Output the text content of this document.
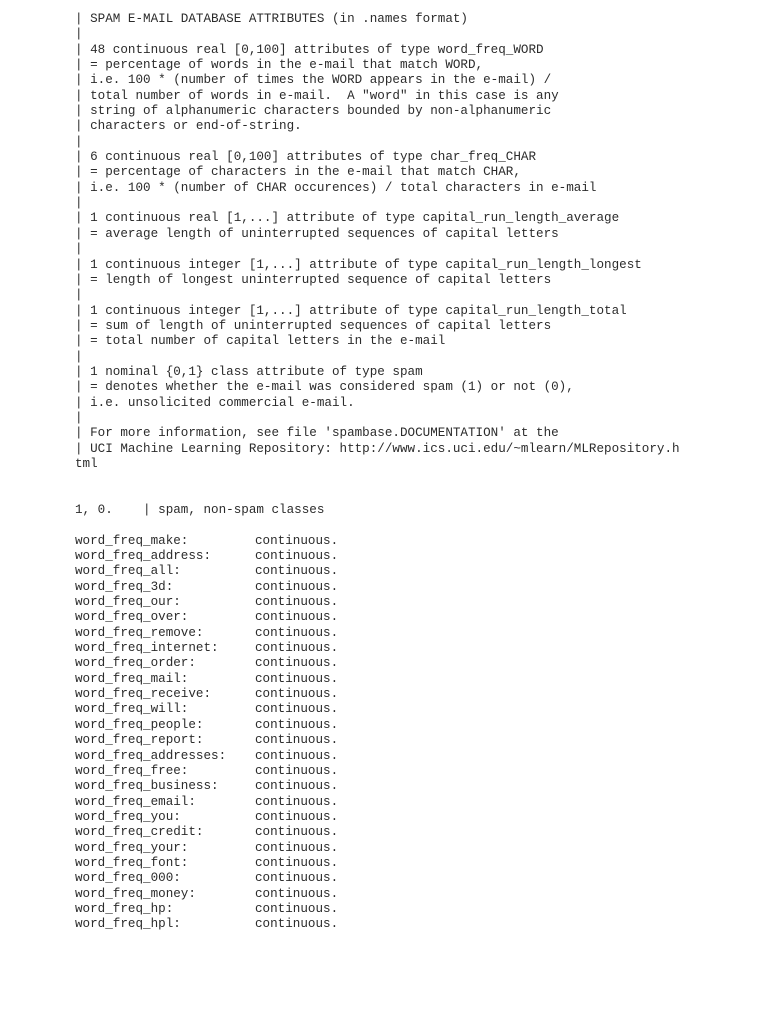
| SPAM E-MAIL DATABASE ATTRIBUTES (in .names format)
|
| 48 continuous real [0,100] attributes of type word_freq_WORD
| = percentage of words in the e-mail that match WORD,
| i.e. 100 * (number of times the WORD appears in the e-mail) /
| total number of words in e-mail.  A "word" in this case is any
| string of alphanumeric characters bounded by non-alphanumeric
| characters or end-of-string.
|
| 6 continuous real [0,100] attributes of type char_freq_CHAR
| = percentage of characters in the e-mail that match CHAR,
| i.e. 100 * (number of CHAR occurences) / total characters in e-mail
|
| 1 continuous real [1,...] attribute of type capital_run_length_average
| = average length of uninterrupted sequences of capital letters
|
| 1 continuous integer [1,...] attribute of type capital_run_length_longest
| = length of longest uninterrupted sequence of capital letters
|
| 1 continuous integer [1,...] attribute of type capital_run_length_total
| = sum of length of uninterrupted sequences of capital letters
| = total number of capital letters in the e-mail
|
| 1 nominal {0,1} class attribute of type spam
| = denotes whether the e-mail was considered spam (1) or not (0),
| i.e. unsolicited commercial e-mail.
|
| For more information, see file 'spambase.DOCUMENTATION' at the
| UCI Machine Learning Repository: http://www.ics.uci.edu/~mlearn/MLRepository.h
tml
1, 0.    | spam, non-spam classes
word_freq_make:	continuous.
word_freq_address:	continuous.
word_freq_all:	continuous.
word_freq_3d:	continuous.
word_freq_our:	continuous.
word_freq_over:	continuous.
word_freq_remove:	continuous.
word_freq_internet:	continuous.
word_freq_order:	continuous.
word_freq_mail:	continuous.
word_freq_receive:	continuous.
word_freq_will:	continuous.
word_freq_people:	continuous.
word_freq_report:	continuous.
word_freq_addresses:	continuous.
word_freq_free:	continuous.
word_freq_business:	continuous.
word_freq_email:	continuous.
word_freq_you:	continuous.
word_freq_credit:	continuous.
word_freq_your:	continuous.
word_freq_font:	continuous.
word_freq_000:	continuous.
word_freq_money:	continuous.
word_freq_hp:	continuous.
word_freq_hpl:	continuous.
